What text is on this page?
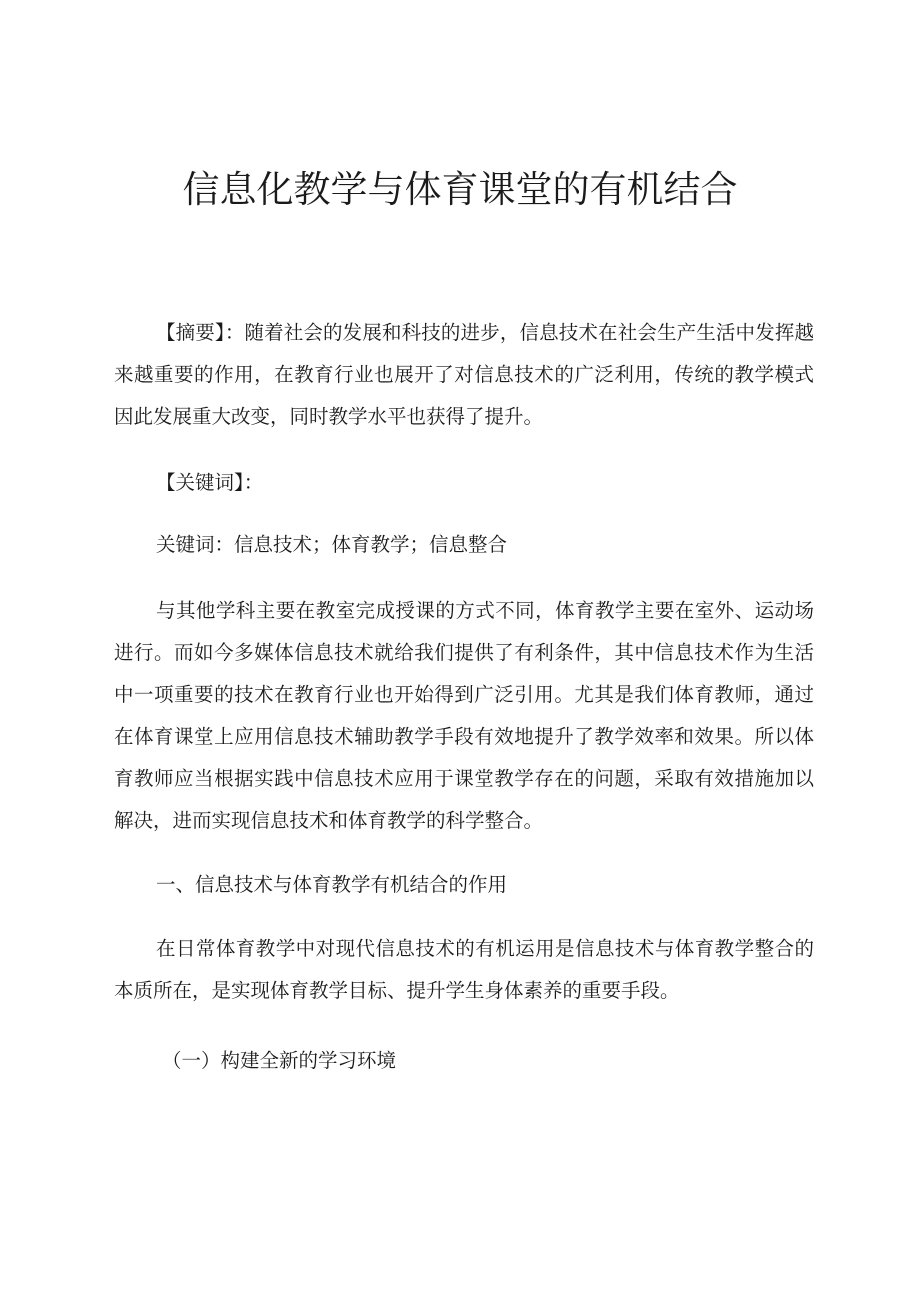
信息化教学与体育课堂的有机结合

【摘要】：随着社会的发展和科技的进步，信息技术在社会生产生活中发挥越来越重要的作用，在教育行业也展开了对信息技术的广泛利用，传统的教学模式因此发展重大改变，同时教学水平也获得了提升。

【关键词】：

关键词：信息技术；体育教学；信息整合

与其他学科主要在教室完成授课的方式不同，体育教学主要在室外、运动场进行。而如今多媒体信息技术就给我们提供了有利条件，其中信息技术作为生活中一项重要的技术在教育行业也开始得到广泛引用。尤其是我们体育教师，通过在体育课堂上应用信息技术辅助教学手段有效地提升了教学效率和效果。所以体育教师应当根据实践中信息技术应用于课堂教学存在的问题，采取有效措施加以解决，进而实现信息技术和体育教学的科学整合。

一、信息技术与体育教学有机结合的作用

在日常体育教学中对现代信息技术的有机运用是信息技术与体育教学整合的本质所在，是实现体育教学目标、提升学生身体素养的重要手段。

（一）构建全新的学习环境
